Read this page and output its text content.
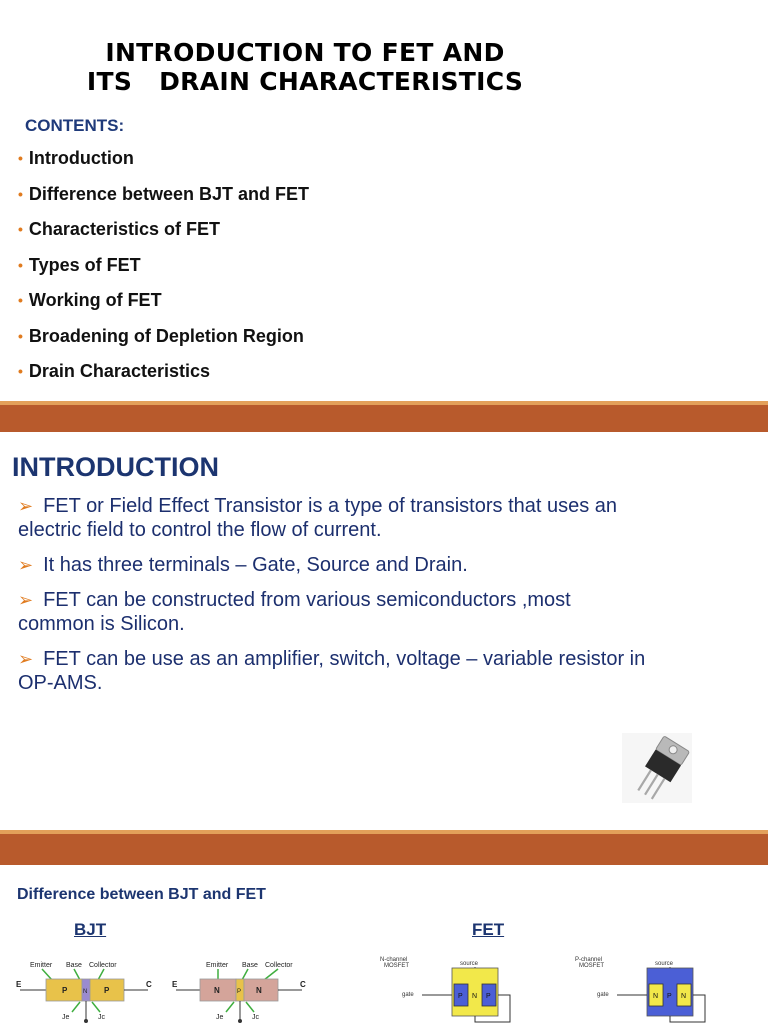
INTRODUCTION TO FET AND
ITS   DRAIN CHARACTERISTICS
CONTENTS:
• Introduction
• Difference between BJT and FET
• Characteristics of FET
• Types of FET
• Working of FET
• Broadening of Depletion Region
• Drain Characteristics
INTRODUCTION
➢ FET or Field Effect Transistor is a type of transistors that uses an
electric field to control the flow of current.
➢ It has three terminals – Gate, Source and Drain.
➢ FET can be constructed from various semiconductors ,most
common is Silicon.
➢ FET can be use as an amplifier, switch, voltage – variable resistor in
OP-AMS.
Difference between BJT and FET
BJT	FET
Emitter Base Collector
E
P	N P
C
Je	Jc
Emitter Base Collector
E
N	P N
C
Je	Jc
N-channel
MOSFET	source
P N P
gate
P-channel
MOSFET	source
N P N
gate
